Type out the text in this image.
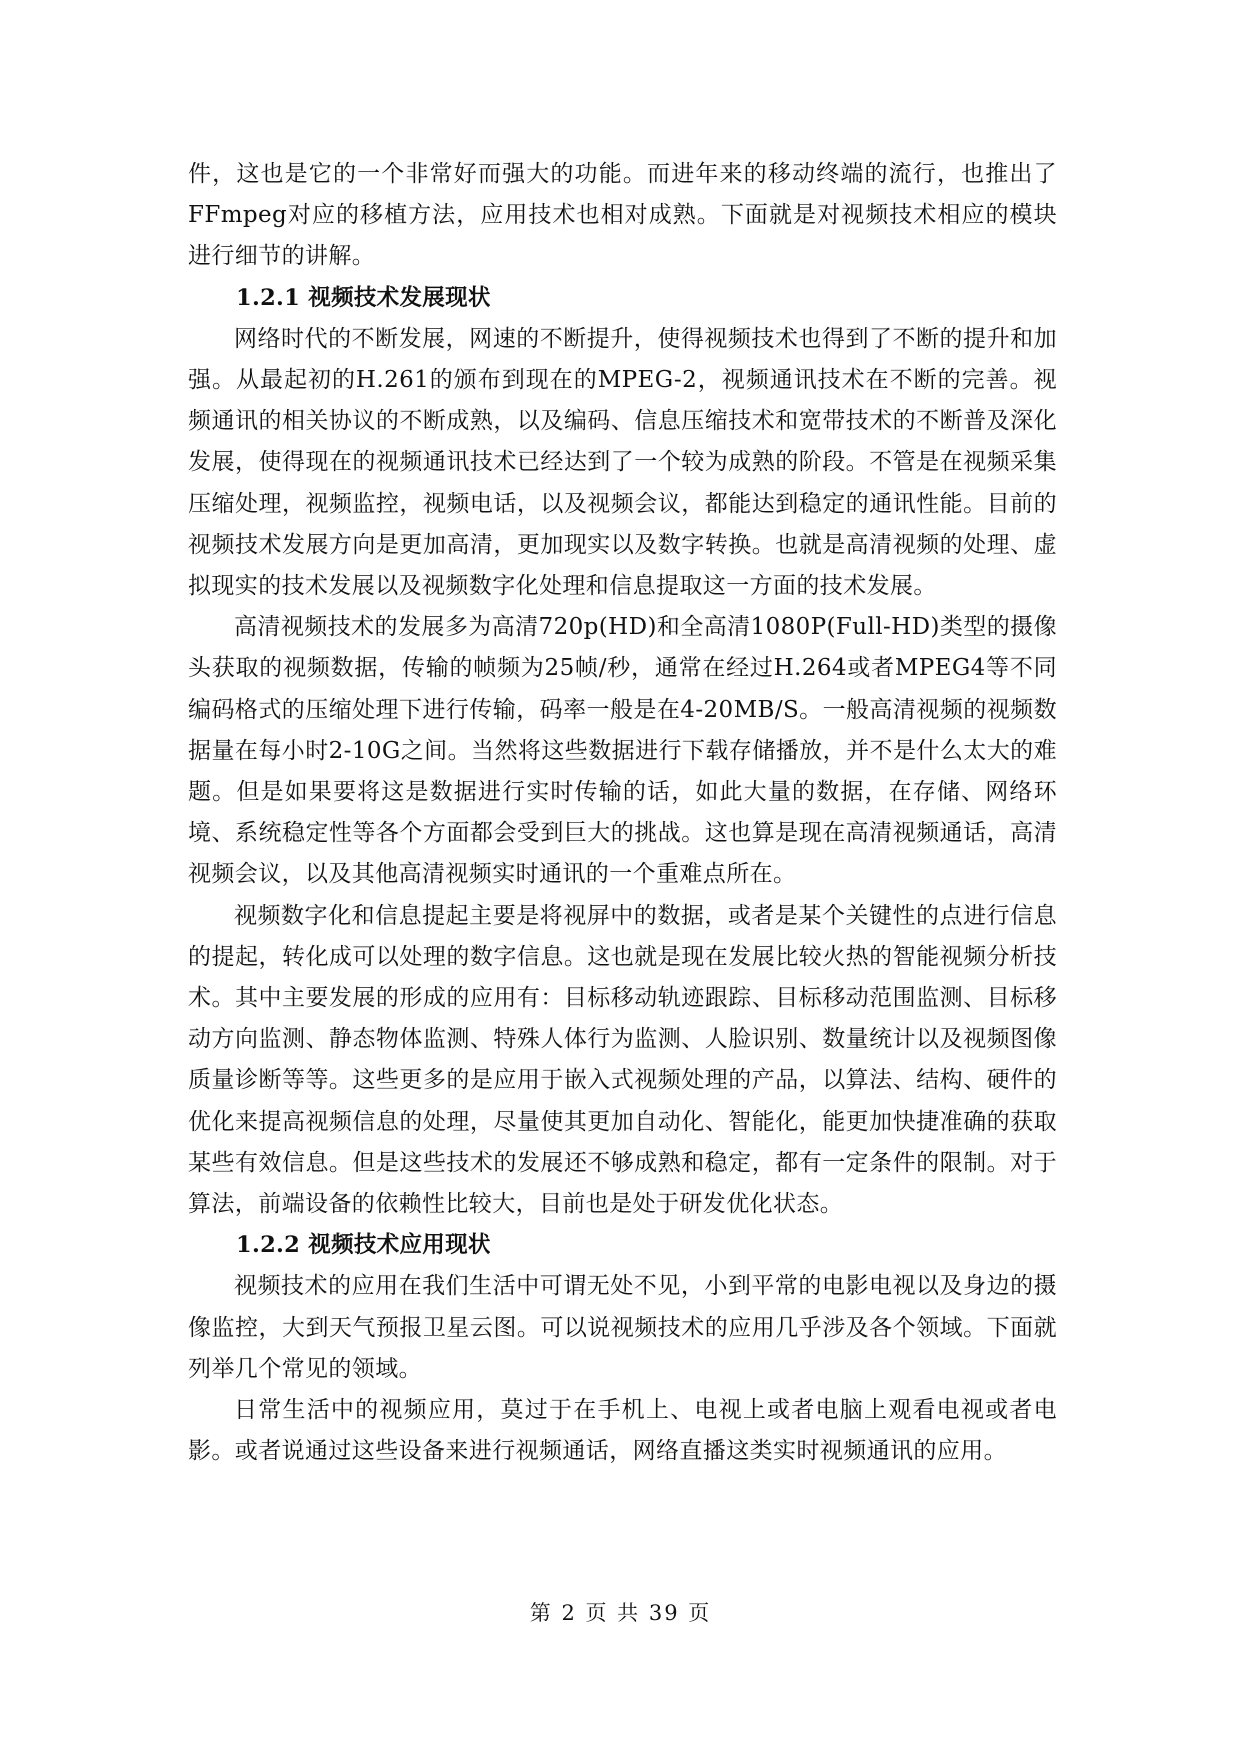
件，这也是它的一个非常好而强大的功能。而进年来的移动终端的流行，也推出了FFmpeg对应的移植方法，应用技术也相对成熟。下面就是对视频技术相应的模块进行细节的讲解。

1.2.1 视频技术发展现状

网络时代的不断发展，网速的不断提升，使得视频技术也得到了不断的提升和加强。从最起初的H.261的颁布到现在的MPEG-2，视频通讯技术在不断的完善。视频通讯的相关协议的不断成熟，以及编码、信息压缩技术和宽带技术的不断普及深化发展，使得现在的视频通讯技术已经达到了一个较为成熟的阶段。不管是在视频采集压缩处理，视频监控，视频电话，以及视频会议，都能达到稳定的通讯性能。目前的视频技术发展方向是更加高清，更加现实以及数字转换。也就是高清视频的处理、虚拟现实的技术发展以及视频数字化处理和信息提取这一方面的技术发展。

高清视频技术的发展多为高清720p(HD)和全高清1080P(Full-HD)类型的摄像头获取的视频数据，传输的帧频为25帧/秒，通常在经过H.264或者MPEG4等不同编码格式的压缩处理下进行传输，码率一般是在4-20MB/S。一般高清视频的视频数据量在每小时2-10G之间。当然将这些数据进行下载存储播放，并不是什么太大的难题。但是如果要将这是数据进行实时传输的话，如此大量的数据，在存储、网络环境、系统稳定性等各个方面都会受到巨大的挑战。这也算是现在高清视频通话，高清视频会议，以及其他高清视频实时通讯的一个重难点所在。

视频数字化和信息提起主要是将视屏中的数据，或者是某个关键性的点进行信息的提起，转化成可以处理的数字信息。这也就是现在发展比较火热的智能视频分析技术。其中主要发展的形成的应用有：目标移动轨迹跟踪、目标移动范围监测、目标移动方向监测、静态物体监测、特殊人体行为监测、人脸识别、数量统计以及视频图像质量诊断等等。这些更多的是应用于嵌入式视频处理的产品，以算法、结构、硬件的优化来提高视频信息的处理，尽量使其更加自动化、智能化，能更加快捷准确的获取某些有效信息。但是这些技术的发展还不够成熟和稳定，都有一定条件的限制。对于算法，前端设备的依赖性比较大，目前也是处于研发优化状态。

1.2.2 视频技术应用现状

视频技术的应用在我们生活中可谓无处不见，小到平常的电影电视以及身边的摄像监控，大到天气预报卫星云图。可以说视频技术的应用几乎涉及各个领域。下面就列举几个常见的领域。

日常生活中的视频应用，莫过于在手机上、电视上或者电脑上观看电视或者电影。或者说通过这些设备来进行视频通话，网络直播这类实时视频通讯的应用。

第 2 页 共 39 页
